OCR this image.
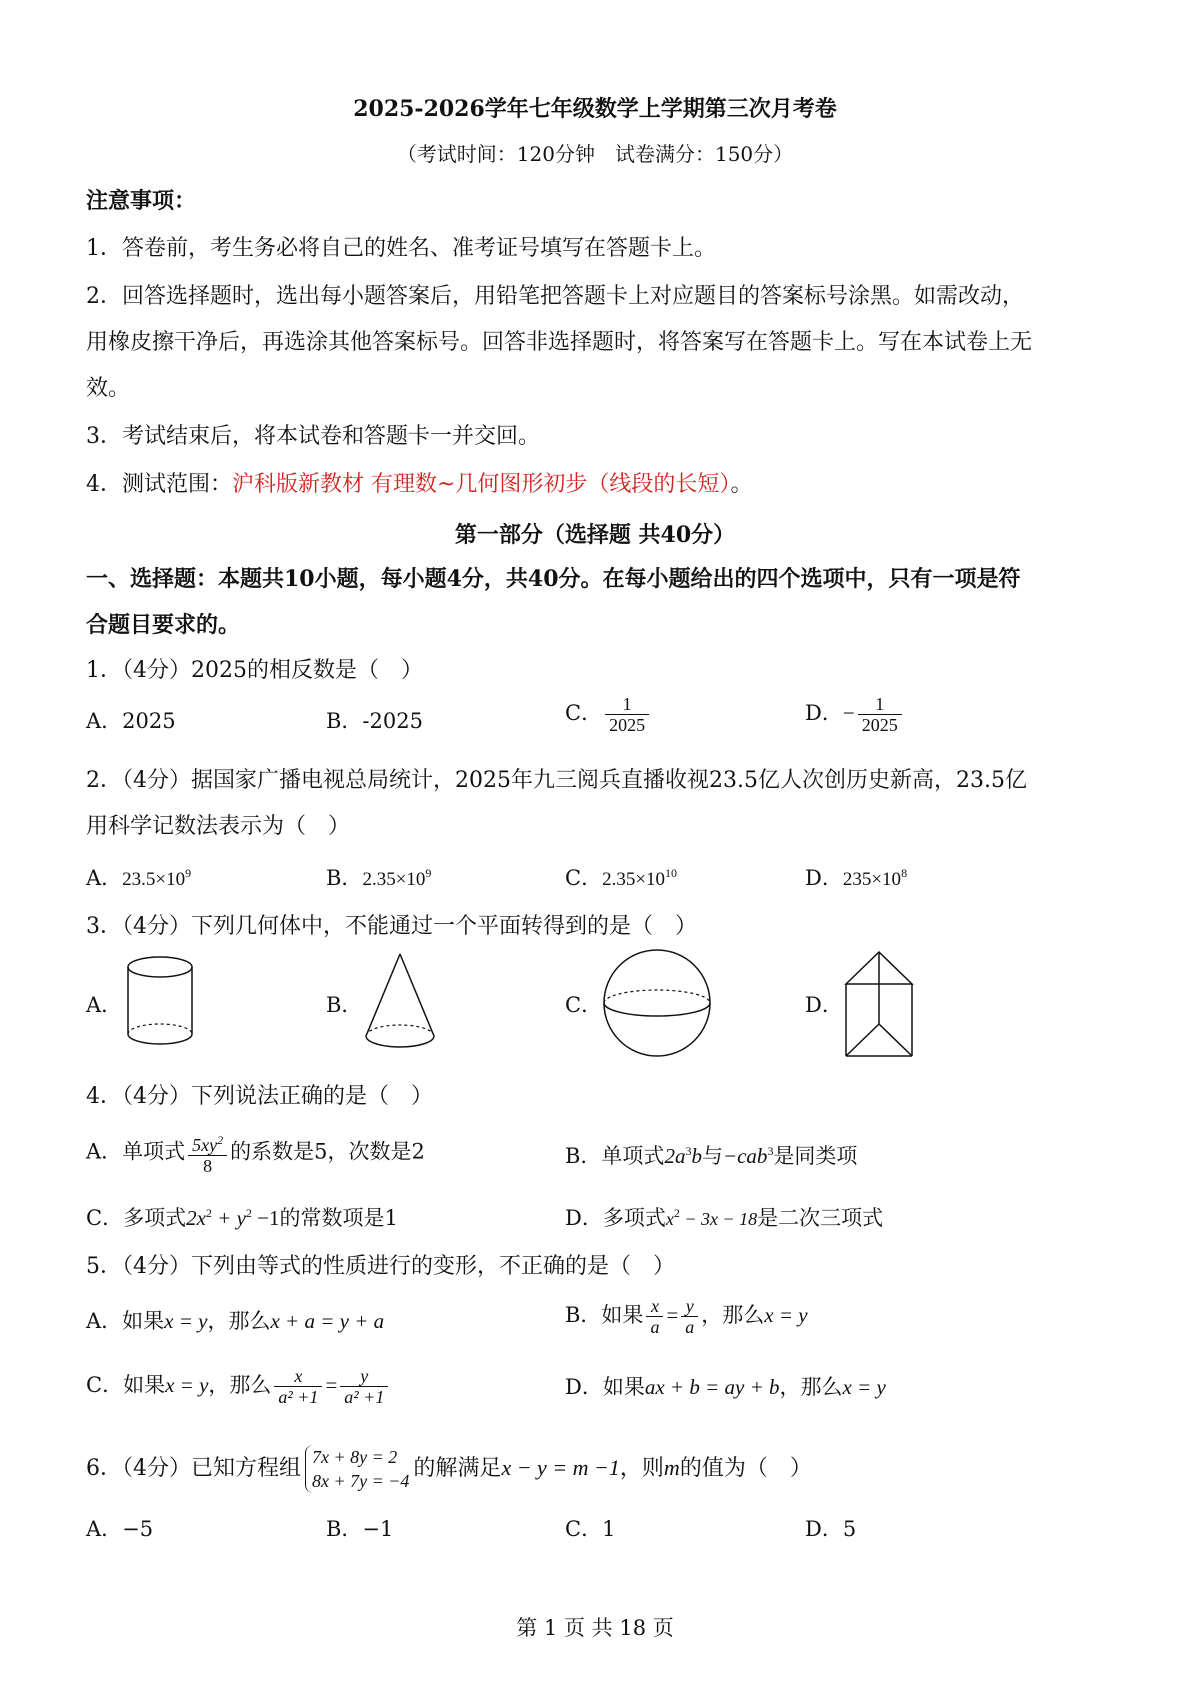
2025-2026学年七年级数学上学期第三次月考卷
（考试时间：120分钟　试卷满分：150分）
注意事项：
1．答卷前，考生务必将自己的姓名、准考证号填写在答题卡上。
2．回答选择题时，选出每小题答案后，用铅笔把答题卡上对应题目的答案标号涂黑。如需改动，
用橡皮擦干净后，再选涂其他答案标号。回答非选择题时，将答案写在答题卡上。写在本试卷上无
效。
3．考试结束后，将本试卷和答题卡一并交回。
4．测试范围：沪科版新教材 有理数~几何图形初步（线段的长短）。
第一部分（选择题 共40分）
一、选择题：本题共10小题，每小题4分，共40分。在每小题给出的四个选项中，只有一项是符
合题目要求的。
1．（4分）2025的相反数是（　）
A．2025	B．-2025	C． $\frac{1}{2025}$	D．− $\frac{1}{2025}$
2．（4分）据国家广播电视总局统计，2025年九三阅兵直播收视23.5亿人次创历史新高，23.5亿
用科学记数法表示为（　）
A．$23.5\times 10^9$	B．$2.35\times 10^9$	C．$2.35\times 10^{10}$	D．$235\times 10^8$
3．（4分）下列几何体中，不能通过一个平面转得到的是（　）
A．	B．	C．	D．
4．（4分）下列说法正确的是（　）
A．单项式 $\frac{5xy^2}{8}$ 的系数是5，次数是2	B．单项式$2a^3b$与−cab$^3$是同类项
C．多项式$2x^2 + y^2 -1$的常数项是1	D．多项式$x^2 - 3x - 18$是二次三项式
5．（4分）下列由等式的性质进行的变形，不正确的是（　）
A．如果x = y，那么x + a = y + a	B．如果 $\frac{x}{a} = \frac{y}{a}$ ，那么x = y
C．如果x = y，那么 $\frac{x}{\text{a² +1}} = \frac{y}{\text{a² +1}}$	D．如果ax + b = ay + b，那么x = y
6．（4分）已知方程组 7x + 8y = 2
8x + 7y = −4 的解满足x − y = m −1，则m的值为（　）
A．−5	B．−1	C．1	D．5
第 1 页 共 18 页
